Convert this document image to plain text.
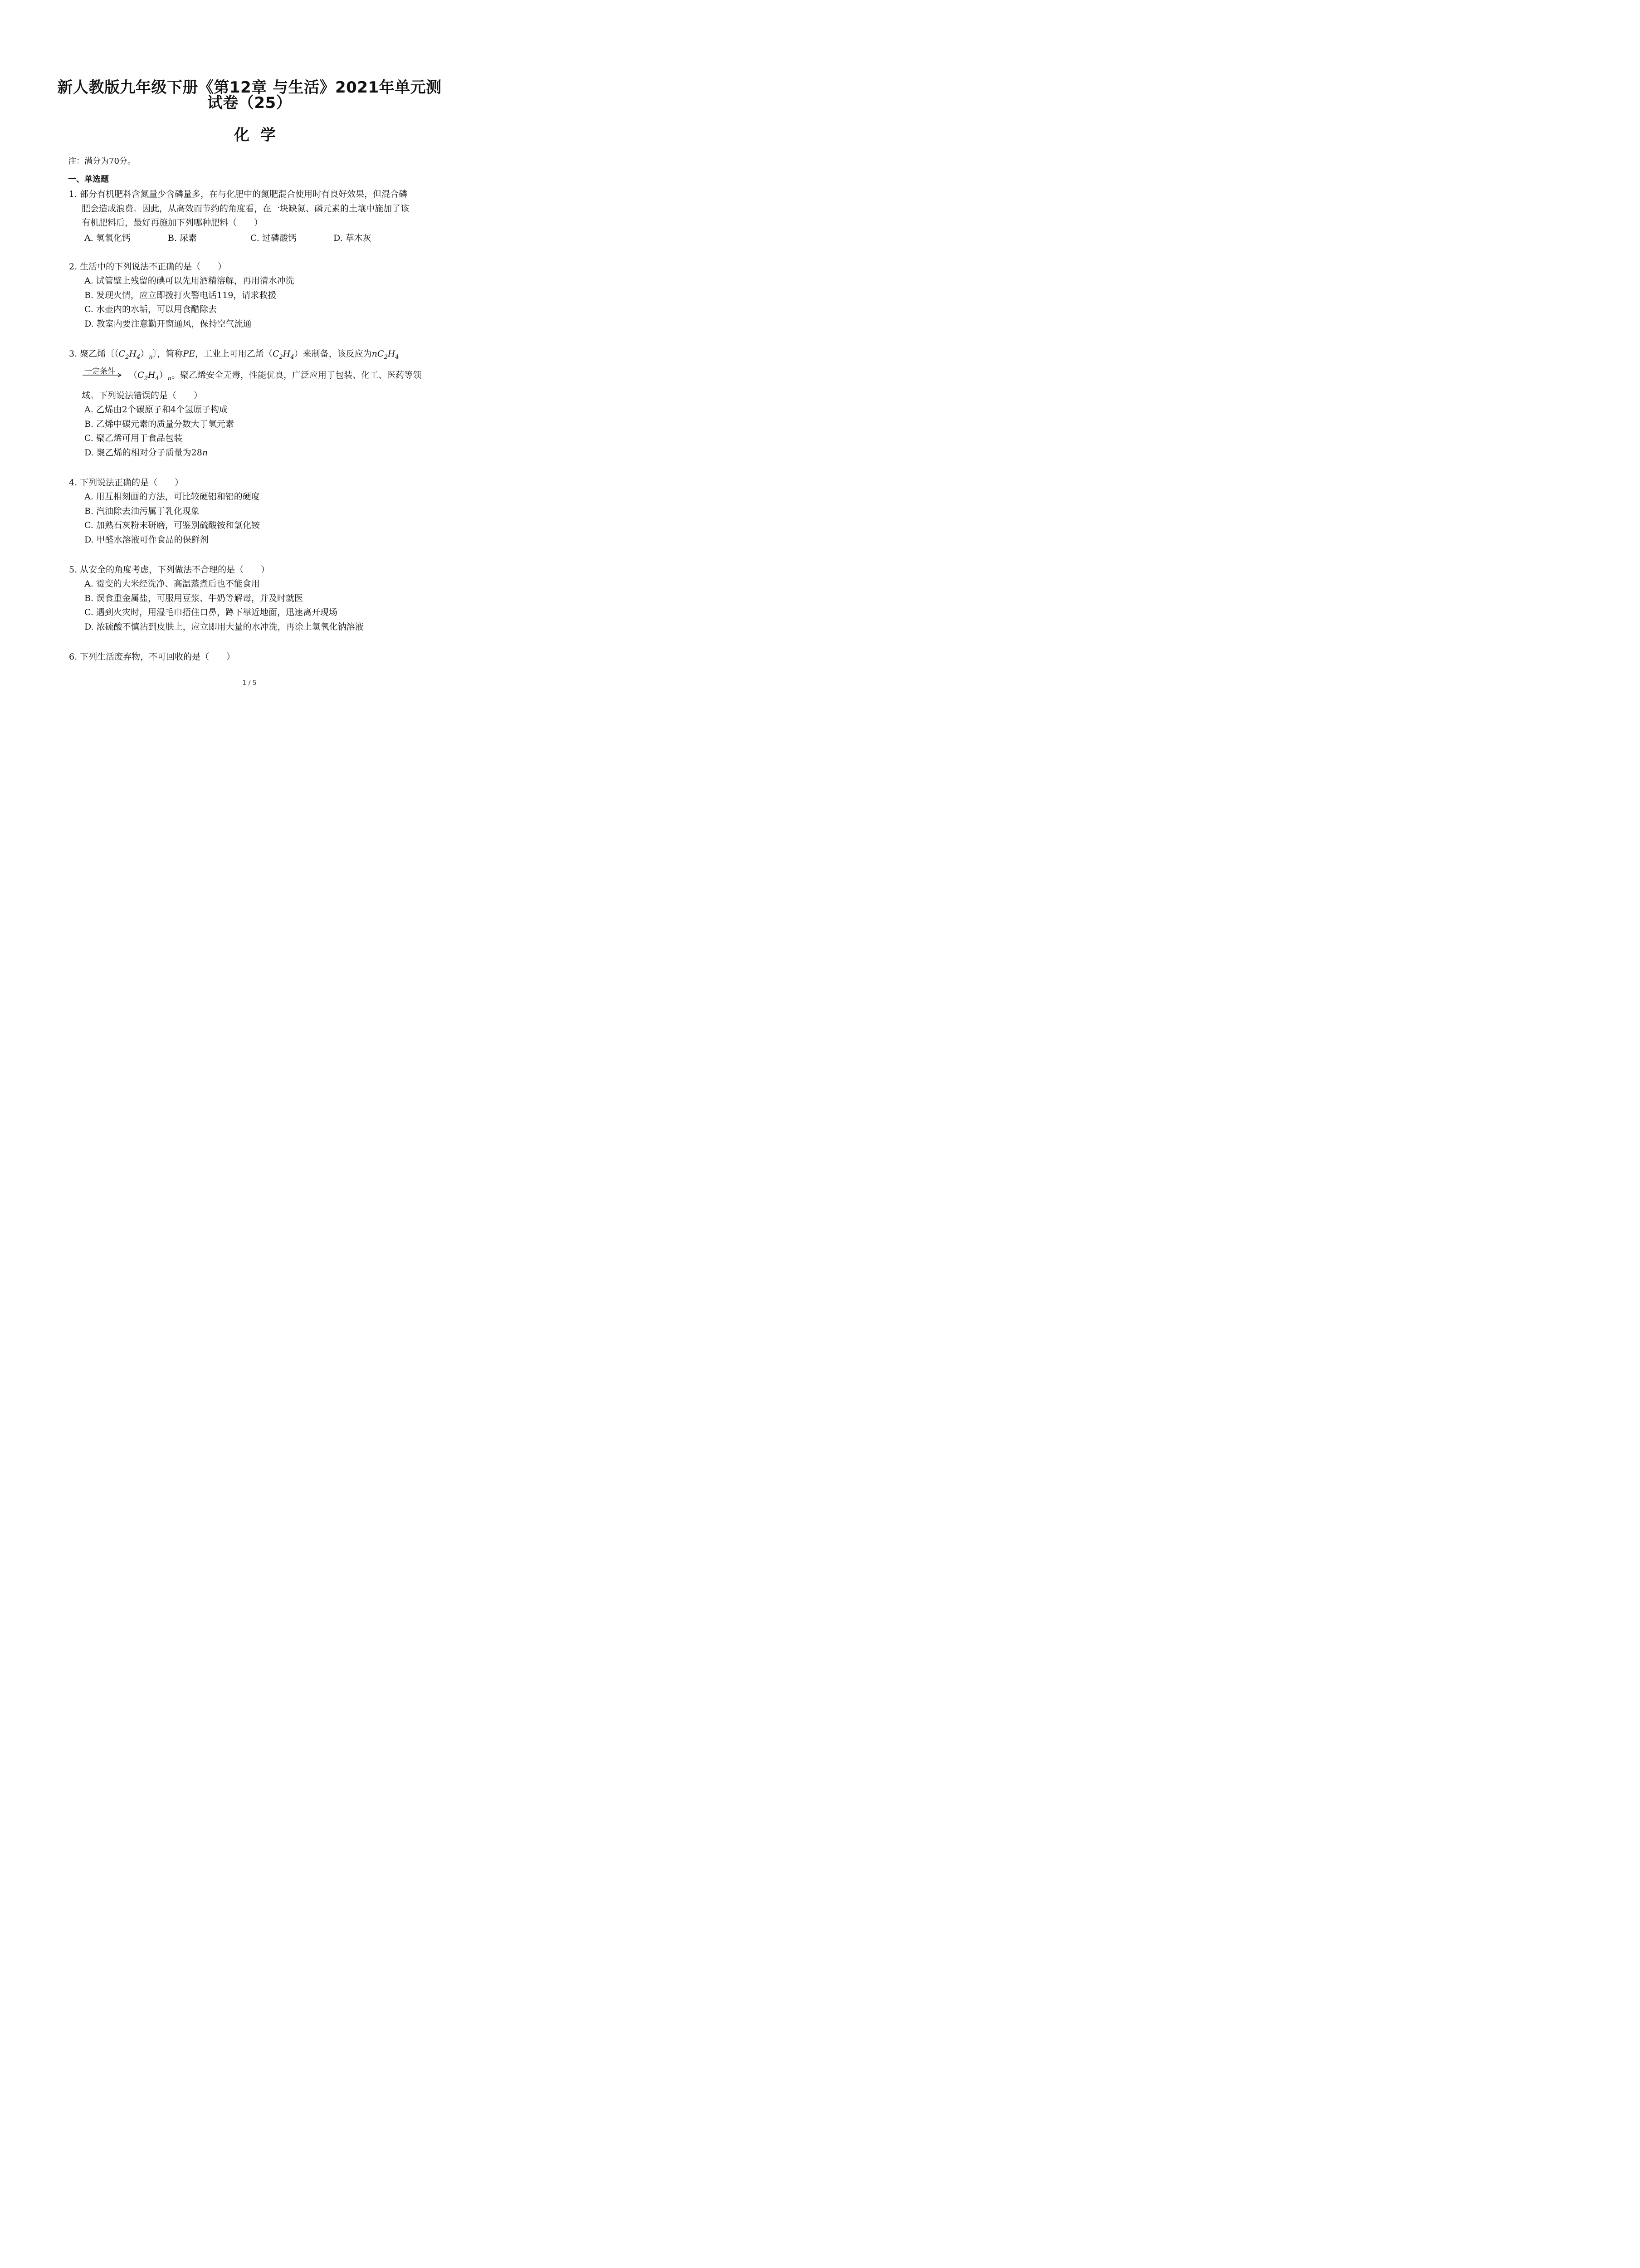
新人教版九年级下册《第12章 与生活》2021年单元测
试卷（25）
化学
注：满分为70分。
一、单选题
1. 部分有机肥料含氮量少含磷量多，在与化肥中的氮肥混合使用时有良好效果，但混合磷
肥会造成浪费。因此，从高效而节约的角度看，在一块缺氮、磷元素的土壤中施加了该
有机肥料后，最好再施加下列哪种肥料（　　）
A. 氢氧化钙	B. 尿素	C. 过磷酸钙	D. 草木灰
2. 生活中的下列说法不正确的是（　　）
A. 试管壁上残留的碘可以先用酒精溶解，再用清水冲洗
B. 发现火情，应立即拨打火警电话119，请求救援
C. 水壶内的水垢，可以用食醋除去
D. 教室内要注意勤开窗通风，保持空气流通
3. 聚乙烯〔$(C_2H_4)_n$〕，简称PE，工业上可用乙烯$(C_2H_4)$来制备，该反应为$nC_2H_4$
一定条件 $(C_2H_4)_n$。聚乙烯安全无毒，性能优良，广泛应用于包装、化工、医药等领
域。下列说法错误的是（　　）
A. 乙烯由2个碳原子和4个氢原子构成
B. 乙烯中碳元素的质量分数大于氢元素
C. 聚乙烯可用于食品包装
D. 聚乙烯的相对分子质量为28n
4. 下列说法正确的是（　　）
A. 用互相刻画的方法，可比较硬铝和铝的硬度
B. 汽油除去油污属于乳化现象
C. 加熟石灰粉末研磨，可鉴别硫酸铵和氯化铵
D. 甲醛水溶液可作食品的保鲜剂
5. 从安全的角度考虑，下列做法不合理的是（　　）
A. 霉变的大米经洗净、高温蒸煮后也不能食用
B. 误食重金属盐，可服用豆浆、牛奶等解毒，并及时就医
C. 遇到火灾时，用湿毛巾捂住口鼻，蹲下靠近地面，迅速离开现场
D. 浓硫酸不慎沾到皮肤上，应立即用大量的水冲洗，再涂上氢氧化钠溶液
6. 下列生活废弃物，不可回收的是（　　）
1 / 5
